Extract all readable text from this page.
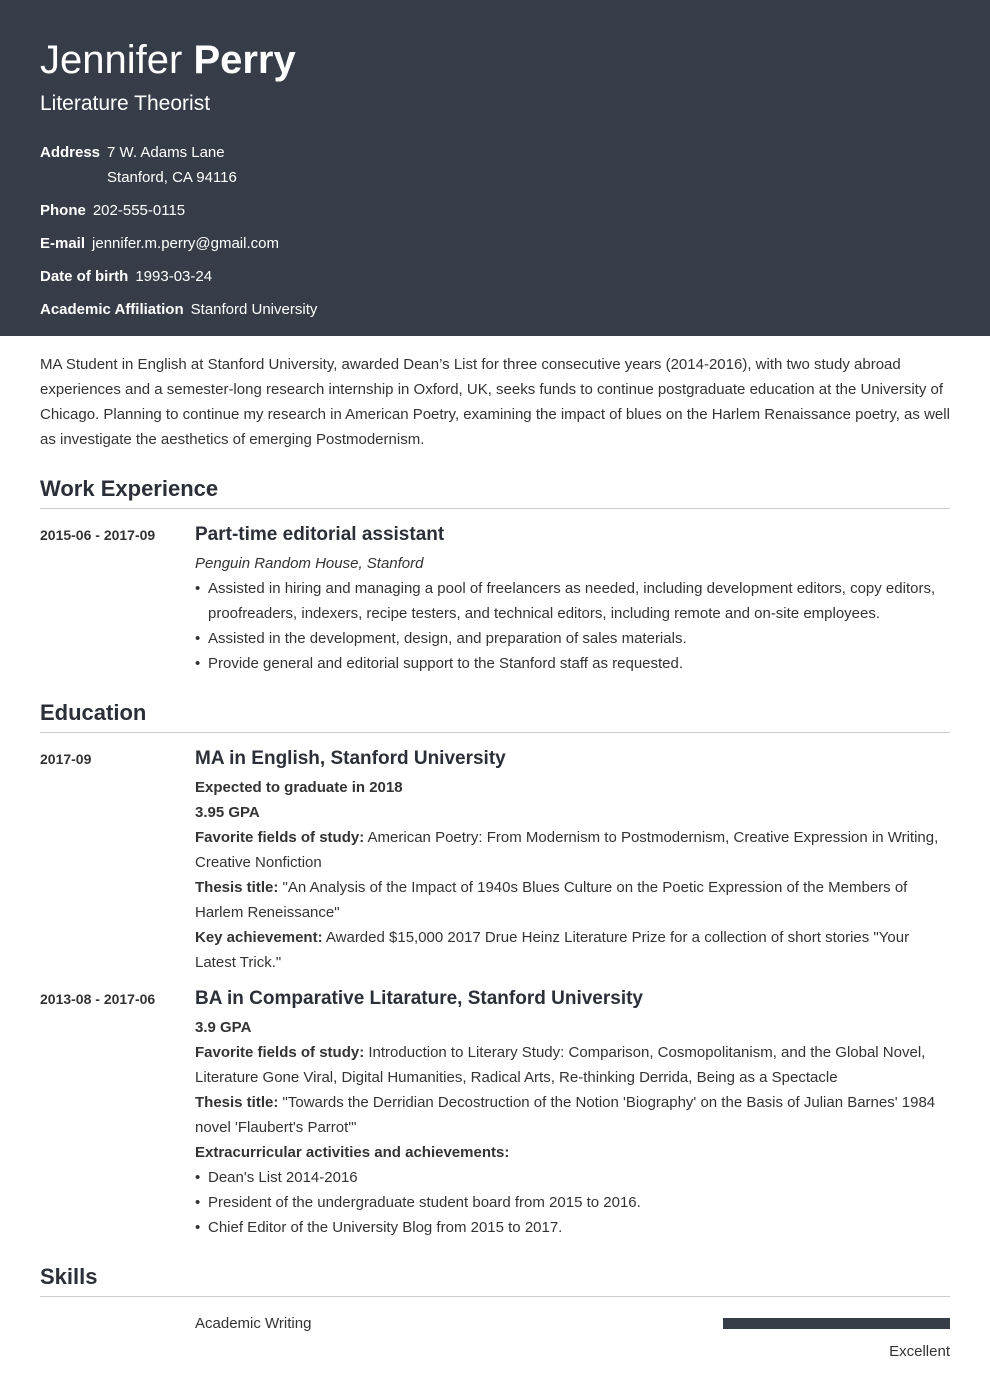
Jennifer Perry
Literature Theorist
Address 7 W. Adams Lane
Stanford, CA 94116
Phone 202-555-0115
E-mail jennifer.m.perry@gmail.com
Date of birth 1993-03-24
Academic Affiliation Stanford University

MA Student in English at Stanford University, awarded Dean’s List for three consecutive years (2014-2016), with two study abroad experiences and a semester-long research internship in Oxford, UK, seeks funds to continue postgraduate education at the University of Chicago. Planning to continue my research in American Poetry, examining the impact of blues on the Harlem Renaissance poetry, as well as investigate the aesthetics of emerging Postmodernism.

Work Experience
2015-06 - 2017-09	Part-time editorial assistant
Penguin Random House, Stanford
• Assisted in hiring and managing a pool of freelancers as needed, including development editors, copy editors, proofreaders, indexers, recipe testers, and technical editors, including remote and on-site employees.
• Assisted in the development, design, and preparation of sales materials.
• Provide general and editorial support to the Stanford staff as requested.
Education
2017-09	MA in English, Stanford University
Expected to graduate in 2018
3.95 GPA
Favorite fields of study: American Poetry: From Modernism to Postmodernism, Creative Expression in Writing, Creative Nonfiction
Thesis title: "An Analysis of the Impact of 1940s Blues Culture on the Poetic Expression of the Members of Harlem Reneissance"
Key achievement: Awarded $15,000 2017 Drue Heinz Literature Prize for a collection of short stories "Your Latest Trick."
2013-08 - 2017-06	BA in Comparative Litarature, Stanford University
3.9 GPA
Favorite fields of study: Introduction to Literary Study: Comparison, Cosmopolitanism, and the Global Novel, Literature Gone Viral, Digital Humanities, Radical Arts, Re-thinking Derrida, Being as a Spectacle
Thesis title: "Towards the Derridian Decostruction of the Notion 'Biography' on the Basis of Julian Barnes' 1984 novel 'Flaubert's Parrot'"
Extracurricular activities and achievements:
• Dean's List 2014-2016
• President of the undergraduate student board from 2015 to 2016.
• Chief Editor of the University Blog from 2015 to 2017.
Skills
Academic Writing
Excellent
